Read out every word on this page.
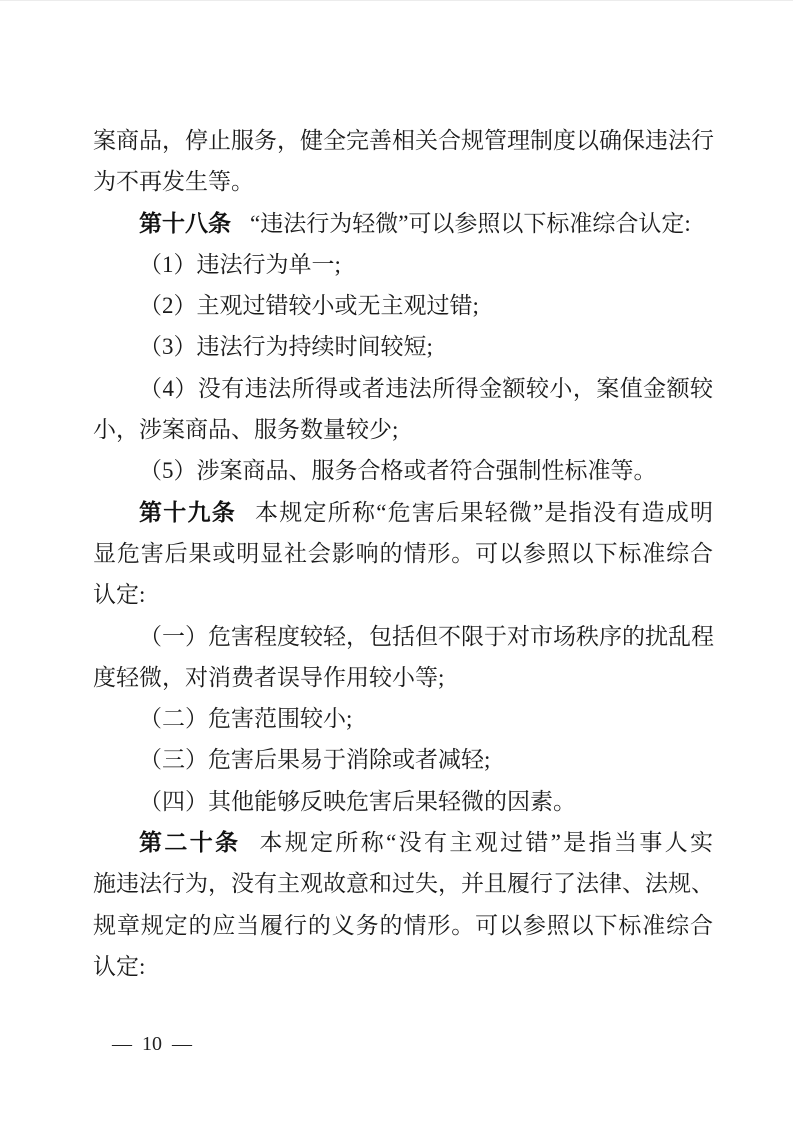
案商品，停止服务，健全完善相关合规管理制度以确保违法行
为不再发生等。
第十八条 “违法行为轻微”可以参照以下标准综合认定:
（1）违法行为单一;
（2）主观过错较小或无主观过错;
（3）违法行为持续时间较短;
（4）没有违法所得或者违法所得金额较小，案值金额较
小，涉案商品、服务数量较少;
（5）涉案商品、服务合格或者符合强制性标准等。
第十九条 本规定所称“危害后果轻微”是指没有造成明
显危害后果或明显社会影响的情形。可以参照以下标准综合
认定:
（一）危害程度较轻，包括但不限于对市场秩序的扰乱程
度轻微，对消费者误导作用较小等;
（二）危害范围较小;
（三）危害后果易于消除或者减轻;
（四）其他能够反映危害后果轻微的因素。
第二十条 本规定所称“没有主观过错”是指当事人实
施违法行为，没有主观故意和过失，并且履行了法律、法规、
规章规定的应当履行的义务的情形。可以参照以下标准综合
认定:
— 10 —
